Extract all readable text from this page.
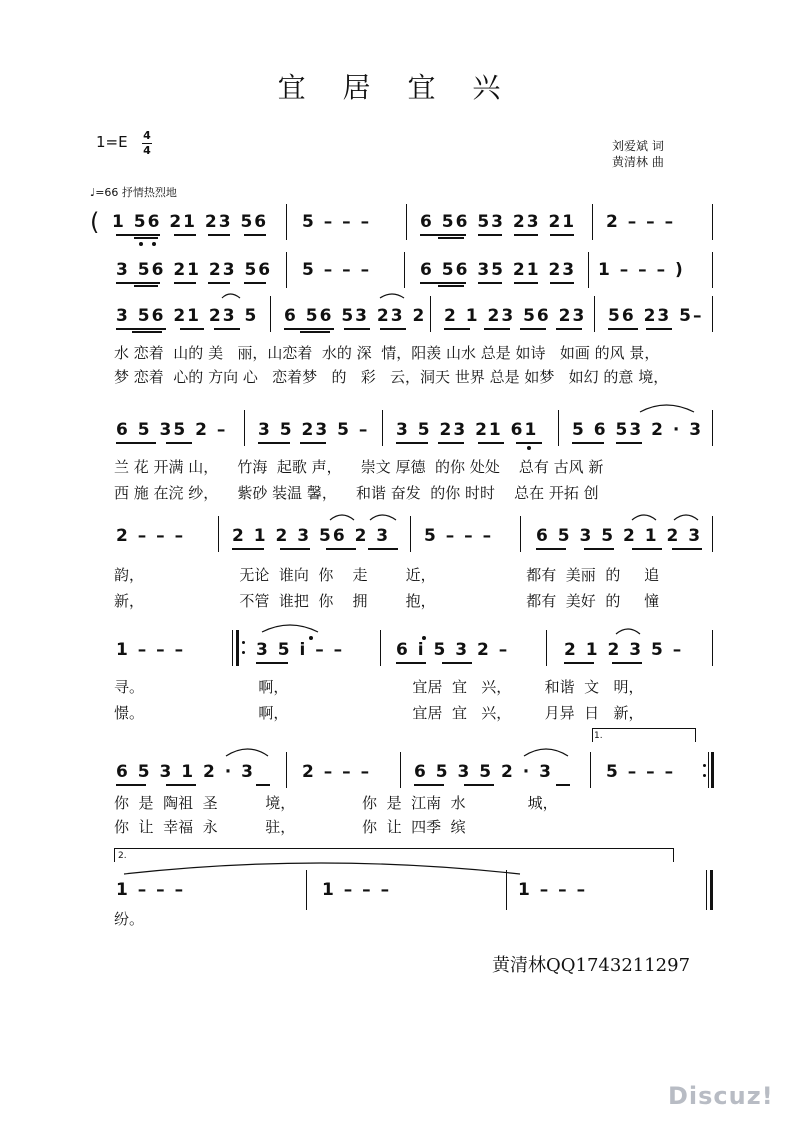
宜 居 宜 兴
1=E 4
4	刘爱斌 词
黄清林 曲
♩=66 抒情热烈地
( 1 56 21 23 56 5 – – –	6 56 53 23 21 2 – – –
3 56 21 23 56 5 – – –	6 56 35 21 23 1 – – – )
3 56 21 23 5 6 56 53 23 2 2 1 23 56 23 56 23 5–
水 恋着  山的 美   丽，山恋着  水的 深  情，阳羡 山水 总是 如诗   如画 的风 景，
梦 恋着  心的 方向 心   恋着梦   的   彩   云，洞天 世界 总是 如梦   如幻 的意 境，
6 5 35 2 – 3 5 23 5 – 3 5 23 21 61 5 6 53 2 · 3
兰 花 开满 山，    竹海  起歌 声，    崇文 厚德  的你 处处    总有 古风 新
西 施 在浣 纱，    紫砂 装温 馨，    和谐 奋发  的你 时时    总在 开拓 创
2 – – –	2 1 2 3 56 2 3 5 – – –	6 5 3 5 2 1 2 3
韵，                    无论  谁向  你    走        近，                   都有  美丽  的     追
新，                    不管  谁把  你    拥        抱，                   都有  美好  的     憧
1 – – –	3 5 i – –	6 i 5 3 2 –	2 1 2 3 5 –
寻。                        啊，                          宜居  宜   兴，       和谐  文   明，
憬。                        啊，                          宜居  宜   兴，       月异  日   新，
6 5 3 1 2 · 3	2 – – –	6 5 3 5 2 · 3	5 – – –
你  是  陶祖  圣          境，              你  是  江南  水             城，
你  让  幸福  永          驻，              你  让  四季  缤
1 – – –	1 – – –	1 – – –
纷。
1.
2.
黄清林QQ1743211297
Discuz!
